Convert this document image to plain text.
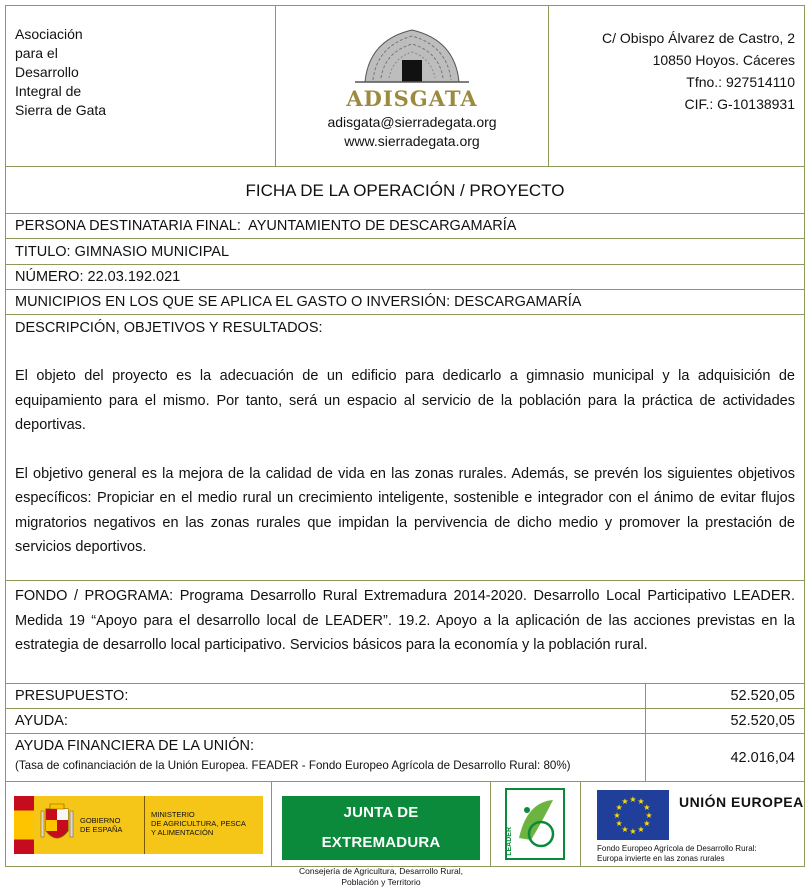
Asociación
para el
Desarrollo
Integral de
Sierra de Gata	ADISGATA
adisgata@sierradegata.org
www.sierradegata.org
C/ Obispo Álvarez de Castro, 2
10850 Hoyos. Cáceres
Tfno.: 927514110
CIF.: G-10138931
FICHA DE LA OPERACIÓN / PROYECTO
PERSONA DESTINATARIA FINAL:  AYUNTAMIENTO DE DESCARGAMARÍA
TITULO: GIMNASIO MUNICIPAL
NÚMERO: 22.03.192.021
MUNICIPIOS EN LOS QUE SE APLICA EL GASTO O INVERSIÓN: DESCARGAMARÍA
DESCRIPCIÓN, OBJETIVOS Y RESULTADOS:
El objeto del proyecto es la adecuación de un edificio para dedicarlo a gimnasio municipal y la adquisición de equipamiento para el mismo. Por tanto, será un espacio al servicio de la población para la práctica de actividades deportivas.
El objetivo general es la mejora de la calidad de vida en las zonas rurales. Además, se prevén los siguientes objetivos específicos: Propiciar en el medio rural un crecimiento inteligente, sostenible e integrador con el ánimo de evitar flujos migratorios negativos en las zonas rurales que impidan la pervivencia de dicho medio y promover la prestación de servicios deportivos.
FONDO / PROGRAMA: Programa Desarrollo Rural Extremadura 2014-2020. Desarrollo Local Participativo LEADER. Medida 19 “Apoyo para el desarrollo local de LEADER”. 19.2. Apoyo a la aplicación de las acciones previstas en la estrategia de desarrollo local participativo. Servicios básicos para la economía y la población rural.
PRESUPUESTO:	52.520,05
AYUDA:	52.520,05
AYUDA FINANCIERA DE LA UNIÓN:
(Tasa de cofinanciación de la Unión Europea. FEADER - Fondo Europeo Agrícola de Desarrollo Rural: 80%)	42.016,04
GOBIERNO
DE ESPAÑA
MINISTERIO
DE AGRICULTURA, PESCA
Y ALIMENTACIÓN
JUNTA DE EXTREMADURA
Consejería de Agricultura, Desarrollo Rural,
Población y Territorio
LEADER
★
★
★
★
★
★
★
★
★ ★ ★
★ UNIÓN EUROPEA
Fondo Europeo Agrícola de Desarrollo Rural:
Europa invierte en las zonas rurales
